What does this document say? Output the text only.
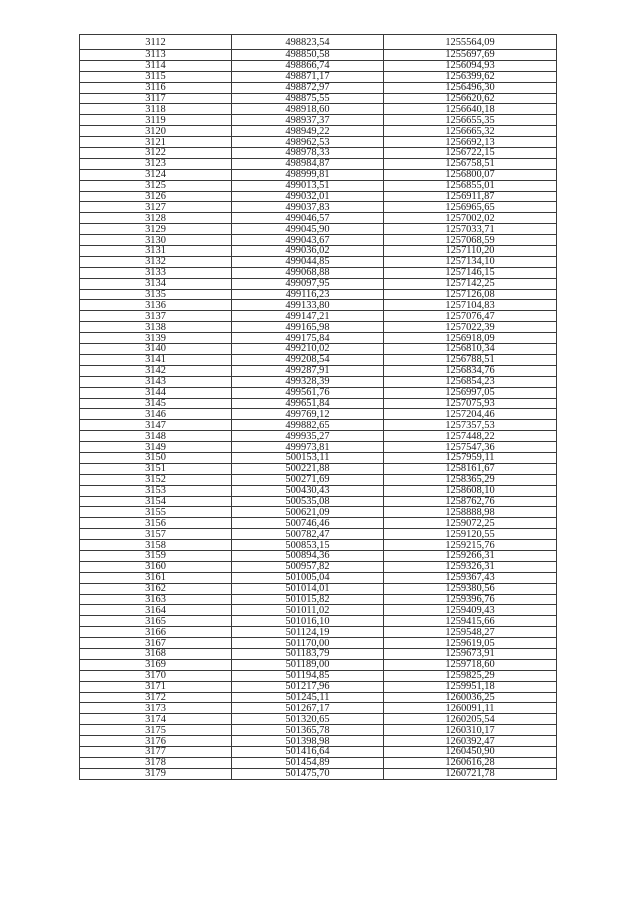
3112	498823,54	1255564,09
3113	498850,58	1255697,69
3114	498866,74	1256094,93
3115	498871,17	1256399,62
3116	498872,97	1256496,30
3117	498875,55	1256620,62
3118	498918,60	1256640,18
3119	498937,37	1256655,35
3120	498949,22	1256665,32
3121	498962,53	1256692,13
3122	498978,33	1256722,15
3123	498984,87	1256758,51
3124	498999,81	1256800,07
3125	499013,51	1256855,01
3126	499032,01	1256911,87
3127	499037,83	1256965,65
3128	499046,57	1257002,02
3129	499045,90	1257033,71
3130	499043,67	1257068,59
3131	499036,02	1257110,20
3132	499044,85	1257134,10
3133	499068,88	1257146,15
3134	499097,95	1257142,25
3135	499116,23	1257126,08
3136	499133,80	1257104,83
3137	499147,21	1257076,47
3138	499165,98	1257022,39
3139	499175,84	1256918,09
3140	499210,02	1256810,34
3141	499208,54	1256788,51
3142	499287,91	1256834,76
3143	499328,39	1256854,23
3144	499561,76	1256997,05
3145	499651,84	1257075,93
3146	499769,12	1257204,46
3147	499882,65	1257357,53
3148	499935,27	1257448,22
3149	499973,81	1257547,36
3150	500153,11	1257959,11
3151	500221,88	1258161,67
3152	500271,69	1258365,29
3153	500430,43	1258608,10
3154	500535,08	1258762,76
3155	500621,09	1258888,98
3156	500746,46	1259072,25
3157	500782,47	1259120,55
3158	500853,15	1259215,76
3159	500894,36	1259266,31
3160	500957,82	1259326,31
3161	501005,04	1259367,43
3162	501014,01	1259380,56
3163	501015,82	1259396,76
3164	501011,02	1259409,43
3165	501016,10	1259415,66
3166	501124,19	1259548,27
3167	501170,00	1259619,05
3168	501183,79	1259673,91
3169	501189,00	1259718,60
3170	501194,85	1259825,29
3171	501217,96	1259951,18
3172	501245,11	1260036,25
3173	501267,17	1260091,11
3174	501320,65	1260205,54
3175	501365,78	1260310,17
3176	501398,98	1260392,47
3177	501416,64	1260450,90
3178	501454,89	1260616,28
3179	501475,70	1260721,78
